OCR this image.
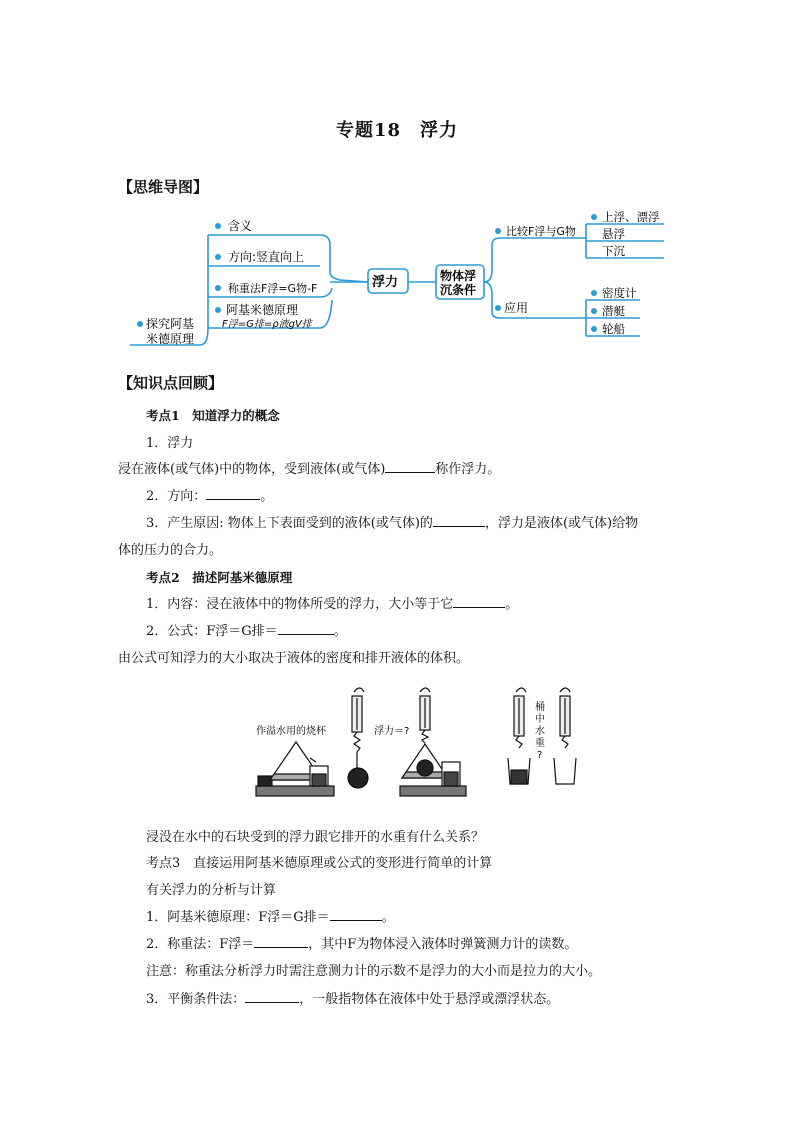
专题18　浮力
【思维导图】
含义
方向:竖直向上
称重法F浮=G物-F
阿基米德原理
F浮=G排=ρ液gV排
探究阿基
米德原理
浮力	物体浮
沉条件
比较F浮与G物
应用
上浮、漂浮
悬浮
下沉
密度计
潜艇
轮船
【知识点回顾】
考点1　知道浮力的概念
1．浮力
浸在液体(或气体)中的物体，受到液体(或气体)	称作浮力。
2．方向：	。
3．产生原因: 物体上下表面受到的液体(或气体)的	，浮力是液体(或气体)给物
体的压力的合力。
考点2　描述阿基米德原理
1．内容：浸在液体中的物体所受的浮力，大小等于它	。
2．公式：F浮＝G排＝	。
由公式可知浮力的大小取决于液体的密度和排开液体的体积。
作溢水用的烧杯	浮力＝?
桶
中
水
重
?
浸没在水中的石块受到的浮力跟它排开的水重有什么关系？
考点3　直接运用阿基米德原理或公式的变形进行简单的计算
有关浮力的分析与计算
1．阿基米德原理：F浮＝G排＝	。
2．称重法：F浮＝	，其中F为物体浸入液体时弹簧测力计的读数。
注意：称重法分析浮力时需注意测力计的示数不是浮力的大小而是拉力的大小。
3．平衡条件法：	，一般指物体在液体中处于悬浮或漂浮状态。
